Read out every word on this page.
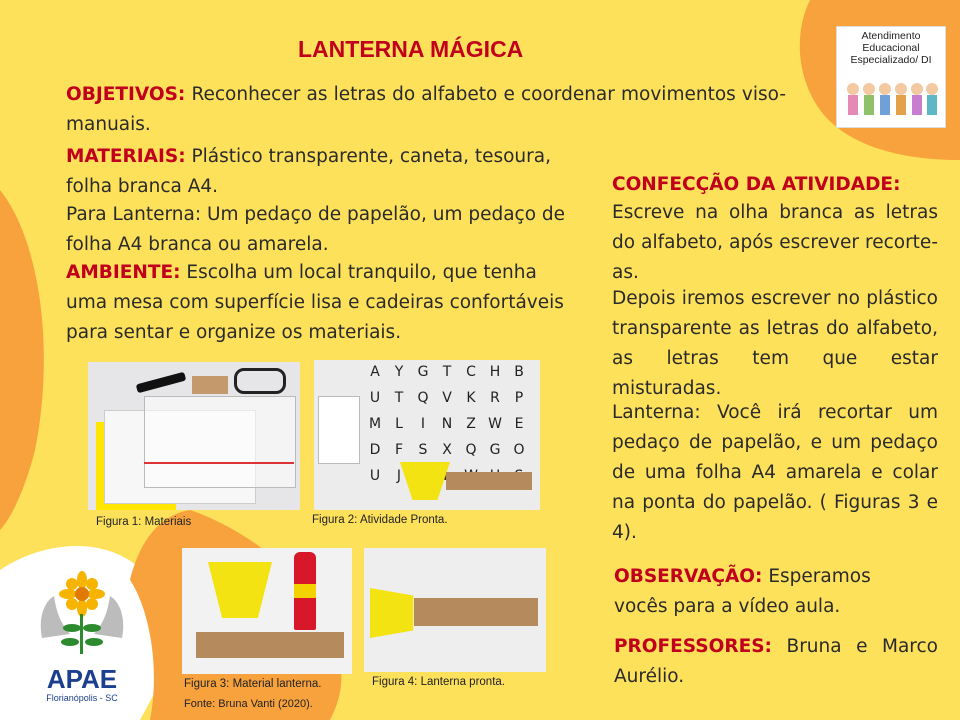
LANTERNA MÁGICA
OBJETIVOS: Reconhecer as letras do alfabeto e coordenar movimentos viso-manuais.
MATERIAIS: Plástico transparente, caneta, tesoura, folha branca A4.
Para Lanterna: Um pedaço de papelão, um pedaço de folha A4 branca ou amarela.
AMBIENTE: Escolha um local tranquilo, que tenha uma mesa com superfície lisa e cadeiras confortáveis para sentar e organize os materiais.
CONFECÇÃO DA ATIVIDADE:
Escreve na olha branca as letras do alfabeto, após escrever recorte-as.
Depois iremos escrever no plástico transparente as letras do alfabeto, as letras tem que estar misturadas.
Lanterna: Você irá recortar um pedaço de papelão, e um pedaço de uma folha A4 amarela e colar na ponta do papelão. ( Figuras 3 e 4).
OBSERVAÇÃO: Esperamos vocês para a vídeo aula.
PROFESSORES: Bruna e Marco Aurélio.
Figura 1: Materiais
A	Y	G	T	C H B
U	T	Q V	K	R	P
M	L	I	N Z W E
D	F	S	X Q G O
U	J
Figura 2: Atividade Pronta.
Figura 3: Material lanterna.	Figura 4: Lanterna pronta.
Fonte: Bruna Vanti (2020).
Atendimento
Educacional
Especializado/ DI
APAE
Florianópolis - SC
